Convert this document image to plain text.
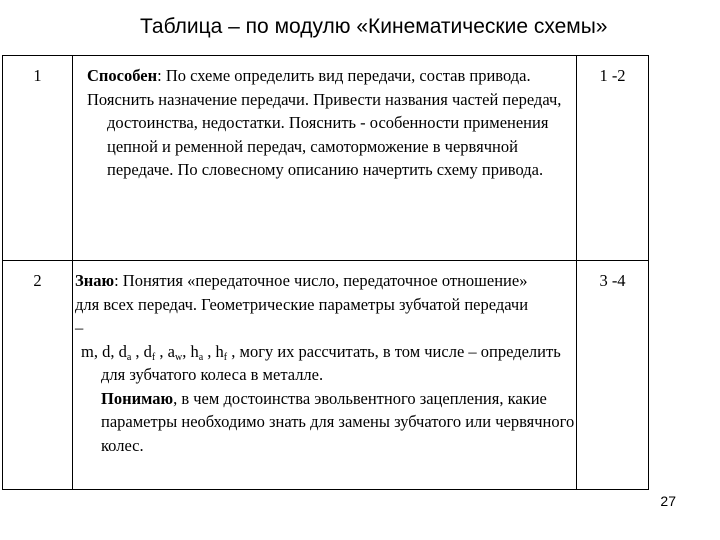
Таблица – по модулю «Кинематические схемы»
1	Способен: По схеме определить вид передачи, состав привода.
Пояснить назначение передачи. Привести названия частей передач, достоинства, недостатки. Пояснить - особенности применения цепной и ременной передач, самоторможение в червячной передаче. По словесному описанию начертить схему привода.	1 -2
2	Знаю: Понятия «передаточное число, передаточное отношение» для всех передач. Геометрические параметры зубчатой передачи –
m, d, $d_a$ , $d_f$ , $a_w$, $h_a$ , $h_f$ , могу их рассчитать, в том числе – определить для зубчатого колеса в металле.
Понимаю, в чем достоинства эвольвентного зацепления, какие параметры необходимо знать для замены зубчатого или червячного колес.	3 -4
27
